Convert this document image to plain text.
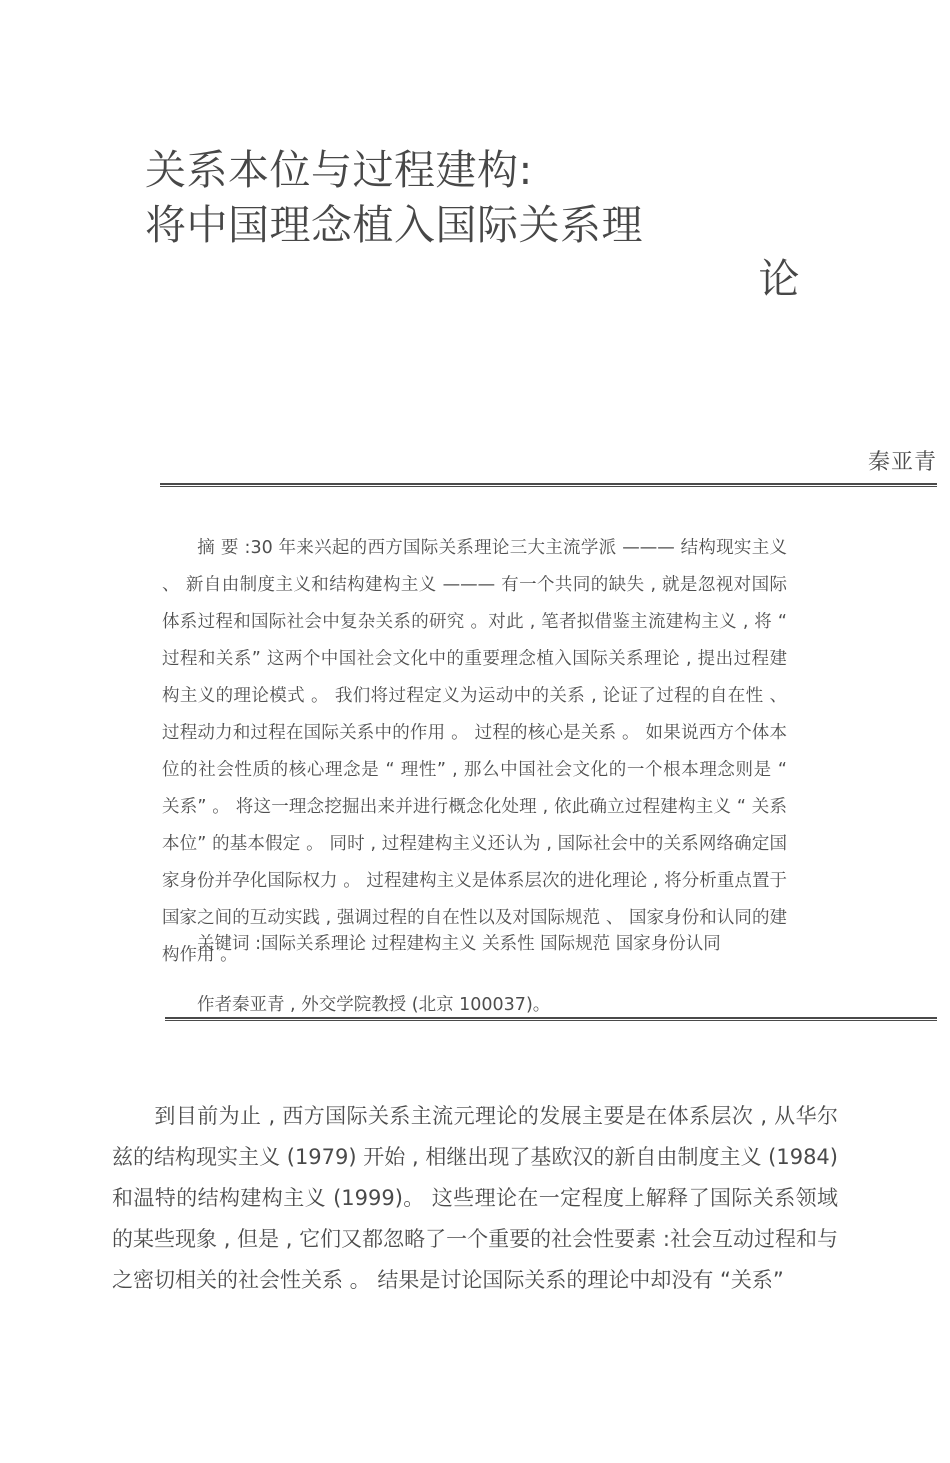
关系本位与过程建构:
将中国理念植入国际关系理
论
秦亚青

摘 要 :30 年来兴起的西方国际关系理论三大主流学派 ——— 结构现实主义 、 新自由制度主义和结构建构主义 ——— 有一个共同的缺失 , 就是忽视对国际体系过程和国际社会中复杂关系的研究 。对此 , 笔者拟借鉴主流建构主义 , 将 “ 过程和关系” 这两个中国社会文化中的重要理念植入国际关系理论 , 提出过程建构主义的理论模式 。 我们将过程定义为运动中的关系 , 论证了过程的自在性 、 过程动力和过程在国际关系中的作用 。 过程的核心是关系 。 如果说西方个体本位的社会性质的核心理念是 “ 理性” , 那么中国社会文化的一个根本理念则是 “ 关系” 。 将这一理念挖掘出来并进行概念化处理 , 依此确立过程建构主义 “ 关系本位” 的基本假定 。 同时 , 过程建构主义还认为 , 国际社会中的关系网络确定国家身份并孕化国际权力 。 过程建构主义是体系层次的进化理论 , 将分析重点置于国家之间的互动实践 , 强调过程的自在性以及对国际规范 、 国家身份和认同的建构作用 。

关键词 :国际关系理论 过程建构主义 关系性 国际规范 国家身份认同
作者秦亚青 , 外交学院教授 (北京 100037)。

到目前为止 , 西方国际关系主流元理论的发展主要是在体系层次 , 从华尔兹的结构现实主义 (1979) 开始 , 相继出现了基欧汉的新自由制度主义 (1984) 和温特的结构建构主义 (1999)。 这些理论在一定程度上解释了国际关系领域的某些现象 , 但是 , 它们又都忽略了一个重要的社会性要素 :社会互动过程和与之密切相关的社会性关系 。 结果是讨论国际关系的理论中却没有 “关系”
